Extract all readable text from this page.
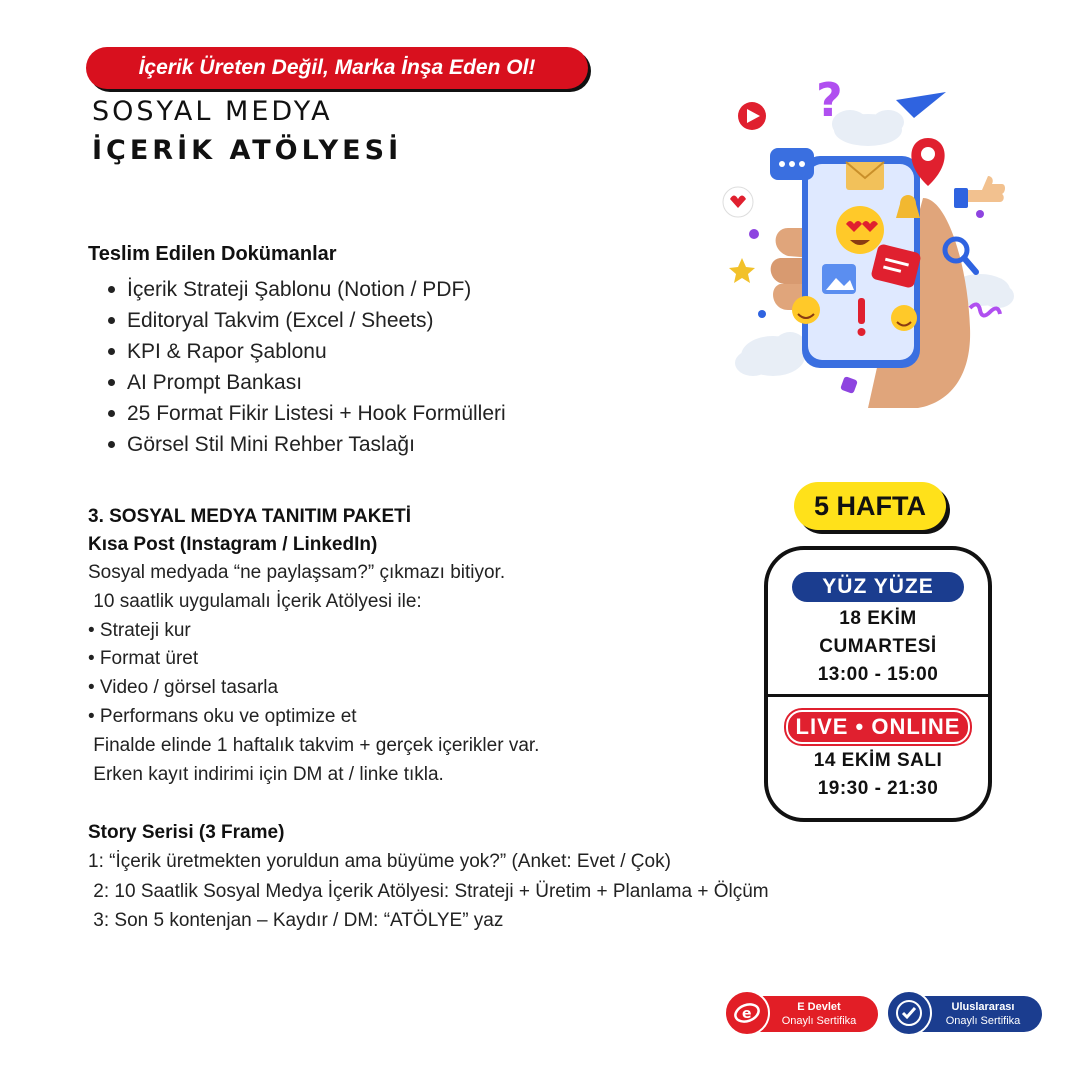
İçerik Üreten Değil, Marka İnşa Eden Ol!
SOSYAL MEDYA
İÇERİK ATÖLYESİ
Teslim Edilen Dokümanlar
İçerik Strateji Şablonu (Notion / PDF)
Editoryal Takvim (Excel / Sheets)
KPI & Rapor Şablonu
AI Prompt Bankası
25 Format Fikir Listesi + Hook Formülleri
Görsel Stil Mini Rehber Taslağı
3. SOSYAL MEDYA TANITIM PAKETİ
Kısa Post (Instagram / LinkedIn)
Sosyal medyada “ne paylaşsam?” çıkmazı bitiyor.
10 saatlik uygulamalı İçerik Atölyesi ile:
• Strateji kur
• Format üret
• Video / görsel tasarla
• Performans oku ve optimize et
Finalde elinde 1 haftalık takvim + gerçek içerikler var.
Erken kayıt indirimi için DM at / linke tıkla.
Story Serisi (3 Frame)
1: “İçerik üretmekten yoruldun ama büyüme yok?” (Anket: Evet / Çok)
2: 10 Saatlik Sosyal Medya İçerik Atölyesi: Strateji + Üretim + Planlama + Ölçüm
3: Son 5 kontenjan – Kaydır / DM: “ATÖLYE” yaz
?
5 HAFTA
YÜZ YÜZE
18 EKİM
CUMARTESİ
13:00 - 15:00
LIVE • ONLINE
14 EKİM SALI
19:30 - 21:30
e	E Devlet
Onaylı Sertifika
Uluslararası
Onaylı Sertifika
